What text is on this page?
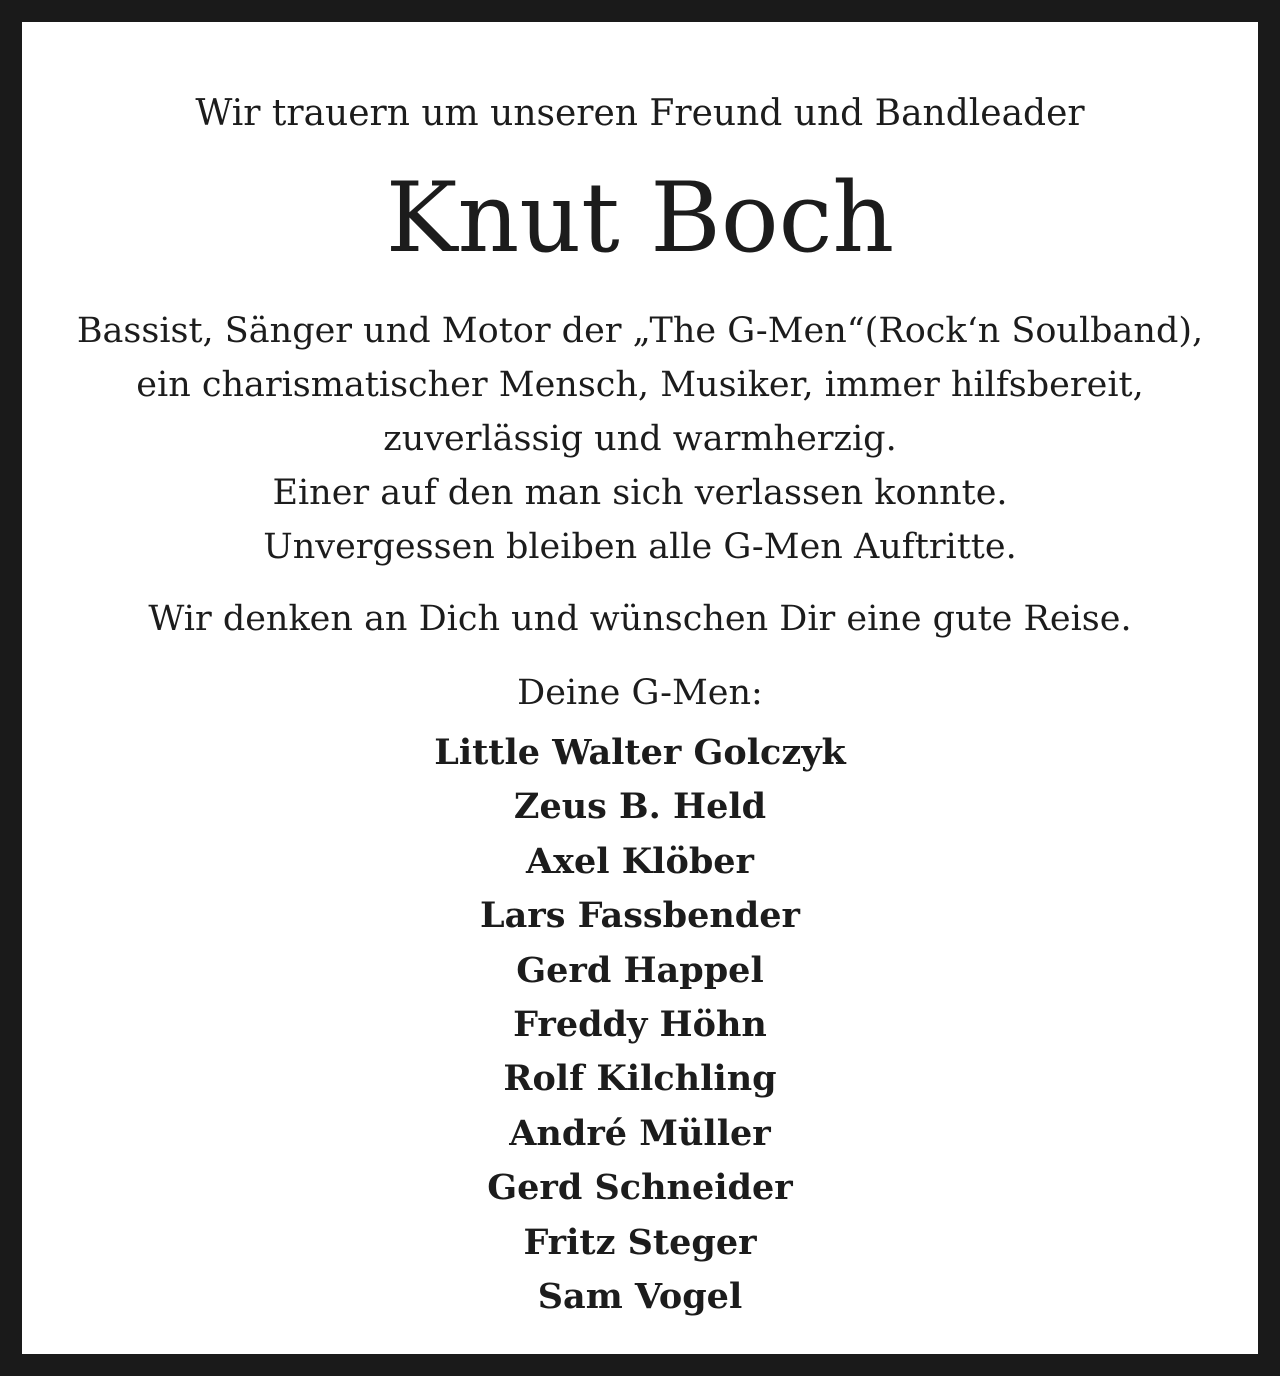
Wir trauern um unseren Freund und Bandleader
Knut Boch
Bassist, Sänger und Motor der „The G-Men“(Rock‘n Soulband),
ein charismatischer Mensch, Musiker, immer hilfsbereit,
zuverlässig und warmherzig.
Einer auf den man sich verlassen konnte.
Unvergessen bleiben alle G-Men Auftritte.
Wir denken an Dich und wünschen Dir eine gute Reise.
Deine G-Men:
Little Walter Golczyk
Zeus B. Held
Axel Klöber
Lars Fassbender
Gerd Happel
Freddy Höhn
Rolf Kilchling
André Müller
Gerd Schneider
Fritz Steger
Sam Vogel
